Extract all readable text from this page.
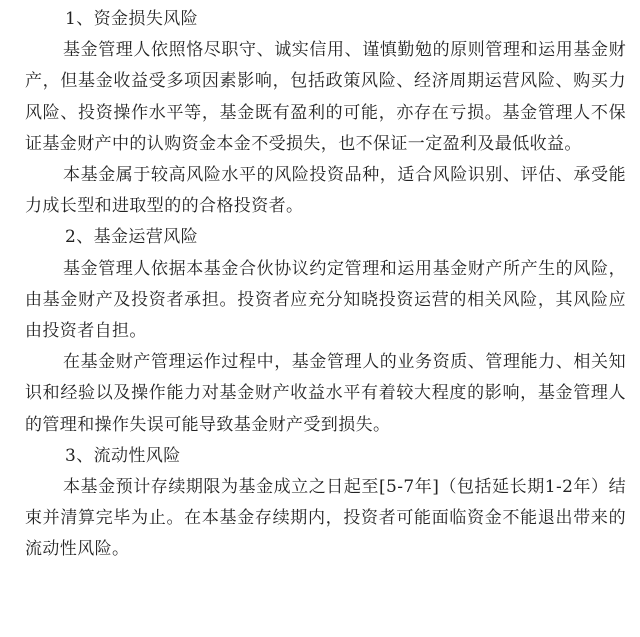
1、资金损失风险

基金管理人依照恪尽职守、诚实信用、谨慎勤勉的原则管理和运用基金财产，但基金收益受多项因素影响，包括政策风险、经济周期运营风险、购买力风险、投资操作水平等，基金既有盈利的可能，亦存在亏损。基金管理人不保证基金财产中的认购资金本金不受损失，也不保证一定盈利及最低收益。

本基金属于较高风险水平的风险投资品种，适合风险识别、评估、承受能力成长型和进取型的的合格投资者。

2、基金运营风险

基金管理人依据本基金合伙协议约定管理和运用基金财产所产生的风险，由基金财产及投资者承担。投资者应充分知晓投资运营的相关风险，其风险应由投资者自担。

在基金财产管理运作过程中，基金管理人的业务资质、管理能力、相关知识和经验以及操作能力对基金财产收益水平有着较大程度的影响，基金管理人的管理和操作失误可能导致基金财产受到损失。

3、流动性风险

本基金预计存续期限为基金成立之日起至[5-7年]（包括延长期1-2年）结束并清算完毕为止。在本基金存续期内，投资者可能面临资金不能退出带来的流动性风险。
